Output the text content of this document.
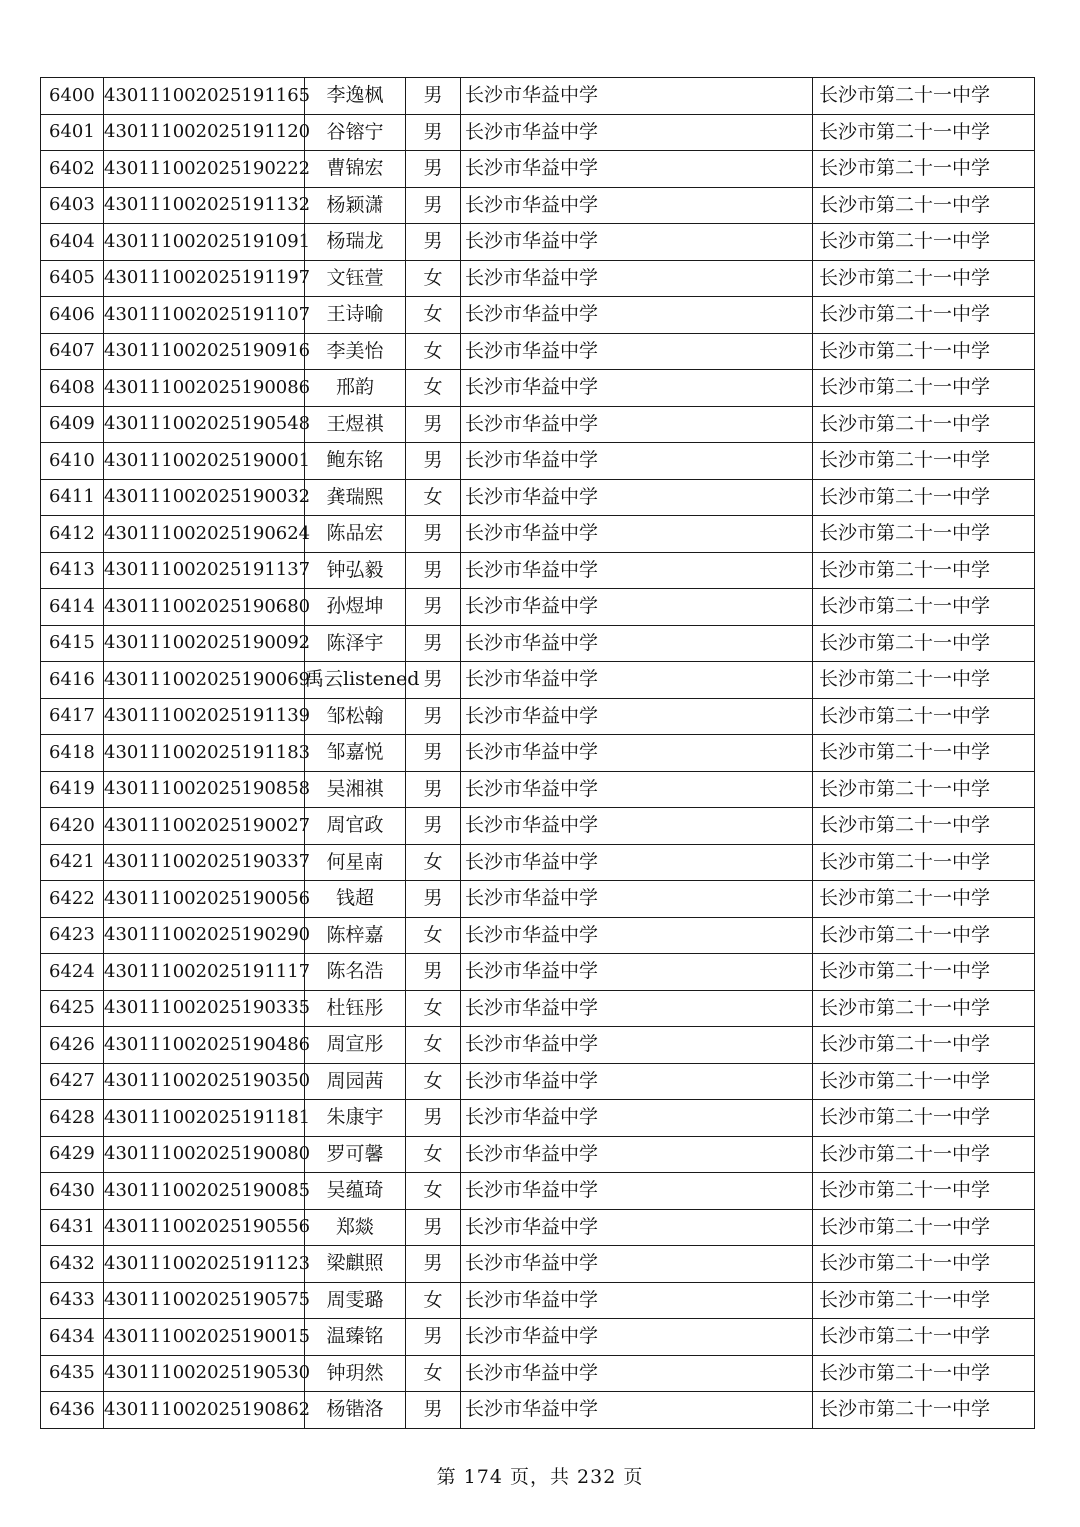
6400	430111002025191165	李逸枫	男	长沙市华益中学	长沙市第二十一中学
6401	430111002025191120	谷镕宁	男	长沙市华益中学	长沙市第二十一中学
6402	430111002025190222	曹锦宏	男	长沙市华益中学	长沙市第二十一中学
6403	430111002025191132	杨颖潇	男	长沙市华益中学	长沙市第二十一中学
6404	430111002025191091	杨瑞龙	男	长沙市华益中学	长沙市第二十一中学
6405	430111002025191197	文钰萱	女	长沙市华益中学	长沙市第二十一中学
6406	430111002025191107	王诗喻	女	长沙市华益中学	长沙市第二十一中学
6407	430111002025190916	李美怡	女	长沙市华益中学	长沙市第二十一中学
6408	430111002025190086	邢韵	女	长沙市华益中学	长沙市第二十一中学
6409	430111002025190548	王煜祺	男	长沙市华益中学	长沙市第二十一中学
6410	430111002025190001	鲍东铭	男	长沙市华益中学	长沙市第二十一中学
6411	430111002025190032	龚瑞熙	女	长沙市华益中学	长沙市第二十一中学
6412	430111002025190624	陈品宏	男	长沙市华益中学	长沙市第二十一中学
6413	430111002025191137	钟弘毅	男	长沙市华益中学	长沙市第二十一中学
6414	430111002025190680	孙煜坤	男	长沙市华益中学	长沙市第二十一中学
6415	430111002025190092	陈泽宇	男	长沙市华益中学	长沙市第二十一中学
6416	430111002025190069	禹云listened	男	长沙市华益中学	长沙市第二十一中学
6417	430111002025191139	邹松翰	男	长沙市华益中学	长沙市第二十一中学
6418	430111002025191183	邹嘉悦	男	长沙市华益中学	长沙市第二十一中学
6419	430111002025190858	吴湘祺	男	长沙市华益中学	长沙市第二十一中学
6420	430111002025190027	周官政	男	长沙市华益中学	长沙市第二十一中学
6421	430111002025190337	何星南	女	长沙市华益中学	长沙市第二十一中学
6422	430111002025190056	钱超	男	长沙市华益中学	长沙市第二十一中学
6423	430111002025190290	陈梓嘉	女	长沙市华益中学	长沙市第二十一中学
6424	430111002025191117	陈名浩	男	长沙市华益中学	长沙市第二十一中学
6425	430111002025190335	杜钰彤	女	长沙市华益中学	长沙市第二十一中学
6426	430111002025190486	周宣彤	女	长沙市华益中学	长沙市第二十一中学
6427	430111002025190350	周园茜	女	长沙市华益中学	长沙市第二十一中学
6428	430111002025191181	朱康宇	男	长沙市华益中学	长沙市第二十一中学
6429	430111002025190080	罗可馨	女	长沙市华益中学	长沙市第二十一中学
6430	430111002025190085	吴蕴琦	女	长沙市华益中学	长沙市第二十一中学
6431	430111002025190556	郑燚	男	长沙市华益中学	长沙市第二十一中学
6432	430111002025191123	梁麒照	男	长沙市华益中学	长沙市第二十一中学
6433	430111002025190575	周雯璐	女	长沙市华益中学	长沙市第二十一中学
6434	430111002025190015	温臻铭	男	长沙市华益中学	长沙市第二十一中学
6435	430111002025190530	钟玥然	女	长沙市华益中学	长沙市第二十一中学
6436	430111002025190862	杨锴洛	男	长沙市华益中学	长沙市第二十一中学
第 174 页，共 232 页
